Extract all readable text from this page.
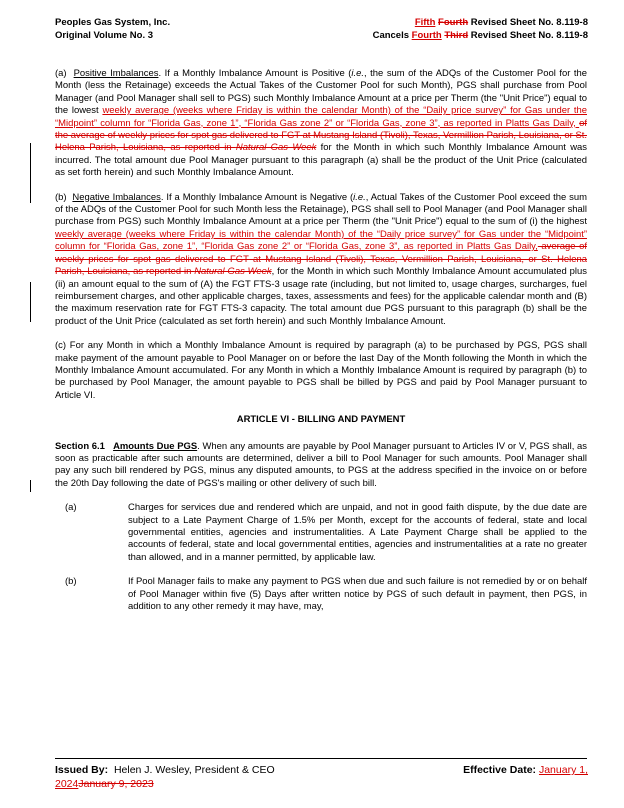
Peoples Gas System, Inc.	Fifth Fourth Revised Sheet No. 8.119-8
Original Volume No. 3	Cancels Fourth Third Revised Sheet No. 8.119-8

(a) Positive Imbalances. If a Monthly Imbalance Amount is Positive (i.e., the sum of the ADQs of the Customer Pool for the Month (less the Retainage) exceeds the Actual Takes of the Customer Pool for such Month), PGS shall purchase from Pool Manager (and Pool Manager shall sell to PGS) such Monthly Imbalance Amount at a price per Therm (the "Unit Price") equal to the lowest weekly average (weeks where Friday is within the calendar Month) of the “Daily price survey” for Gas under the “Midpoint” column for “Florida Gas, zone 1”, “Florida Gas zone 2” or “Florida Gas, zone 3”, as reported in Platts Gas Daily, of the average of weekly prices for spot gas delivered to FGT at Mustang Island (Tivoli), Texas, Vermillion Parish, Louisiana, or St. Helena Parish, Louisiana, as reported in Natural Gas Week for the Month in which such Monthly Imbalance Amount was incurred. The total amount due Pool Manager pursuant to this paragraph (a) shall be the product of the Unit Price (calculated as set forth herein) and such Monthly Imbalance Amount.

(b) Negative Imbalances. If a Monthly Imbalance Amount is Negative (i.e., Actual Takes of the Customer Pool exceed the sum of the ADQs of the Customer Pool for such Month less the Retainage), PGS shall sell to Pool Manager (and Pool Manager shall purchase from PGS) such Monthly Imbalance Amount at a price per Therm (the "Unit Price") equal to the sum of (i) the highest weekly average (weeks where Friday is within the calendar Month) of the “Daily price survey” for Gas under the “Midpoint” column for “Florida Gas, zone 1”, “Florida Gas zone 2” or “Florida Gas, zone 3”, as reported in Platts Gas Daily, average of weekly prices for spot gas delivered to FGT at Mustang Island (Tivoli), Texas, Vermillion Parish, Louisiana, or St. Helena Parish, Louisiana, as reported in Natural Gas Week, for the Month in which such Monthly Imbalance Amount accumulated plus (ii) an amount equal to the sum of (A) the FGT FTS-3 usage rate (including, but not limited to, usage charges, surcharges, fuel reimbursement charges, and other applicable charges, taxes, assessments and fees) for the applicable calendar month and (B) the maximum reservation rate for FGT FTS-3 capacity. The total amount due PGS pursuant to this paragraph (b) shall be the product of the Unit Price (calculated as set forth herein) and such Monthly Imbalance Amount.

(c) For any Month in which a Monthly Imbalance Amount is required by paragraph (a) to be purchased by PGS, PGS shall make payment of the amount payable to Pool Manager on or before the last Day of the Month following the Month in which the Monthly Imbalance Amount accumulated. For any Month in which a Monthly Imbalance Amount is required by paragraph (b) to be purchased by Pool Manager, the amount payable to PGS shall be billed by PGS and paid by Pool Manager pursuant to Article VI.

ARTICLE VI - BILLING AND PAYMENT

Section 6.1 Amounts Due PGS. When any amounts are payable by Pool Manager pursuant to Articles IV or V, PGS shall, as soon as practicable after such amounts are determined, deliver a bill to Pool Manager for such amounts. Pool Manager shall pay any such bill rendered by PGS, minus any disputed amounts, to PGS at the address specified in the invoice on or before the 20th Day following the date of PGS's mailing or other delivery of such bill.

(a)	Charges for services due and rendered which are unpaid, and not in good faith dispute, by the due date are subject to a Late Payment Charge of 1.5% per Month, except for the accounts of federal, state and local governmental entities, agencies and instrumentalities. A Late Payment Charge shall be applied to the accounts of federal, state and local governmental entities, agencies and instrumentalities at a rate no greater than allowed, and in a manner permitted, by applicable law.
(b)	If Pool Manager fails to make any payment to PGS when due and such failure is not remedied by or on behalf of Pool Manager within five (5) Days after written notice by PGS of such default in payment, then PGS, in addition to any other remedy it may have, may,
Issued By: Helen J. Wesley, President & CEO	Effective Date: January 1,
2024January 9, 2023
